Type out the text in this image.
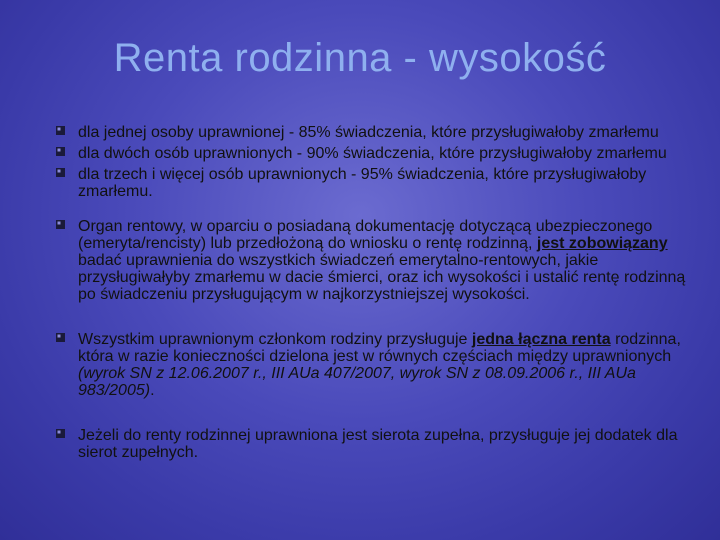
Renta rodzinna - wysokość
dla jednej osoby uprawnionej - 85% świadczenia, które przysługiwałoby zmarłemu
dla dwóch osób uprawnionych - 90% świadczenia, które przysługiwałoby zmarłemu
dla trzech i więcej osób uprawnionych - 95% świadczenia, które przysługiwałoby zmarłemu.
Organ rentowy, w oparciu o posiadaną dokumentację dotyczącą ubezpieczonego (emeryta/rencisty) lub przedłożoną do wniosku o rentę rodzinną, jest zobowiązany badać uprawnienia do wszystkich świadczeń emerytalno-rentowych, jakie przysługiwałyby zmarłemu w dacie śmierci, oraz ich wysokości i ustalić rentę rodzinną po świadczeniu przysługującym w najkorzystniejszej wysokości.
Wszystkim uprawnionym członkom rodziny przysługuje jedna łączna renta rodzinna, która w razie konieczności dzielona jest w równych częściach między uprawnionych (wyrok SN z 12.06.2007 r., III AUa 407/2007, wyrok SN z 08.09.2006 r., III AUa 983/2005).
Jeżeli do renty rodzinnej uprawniona jest sierota zupełna, przysługuje jej dodatek dla sierot zupełnych.
